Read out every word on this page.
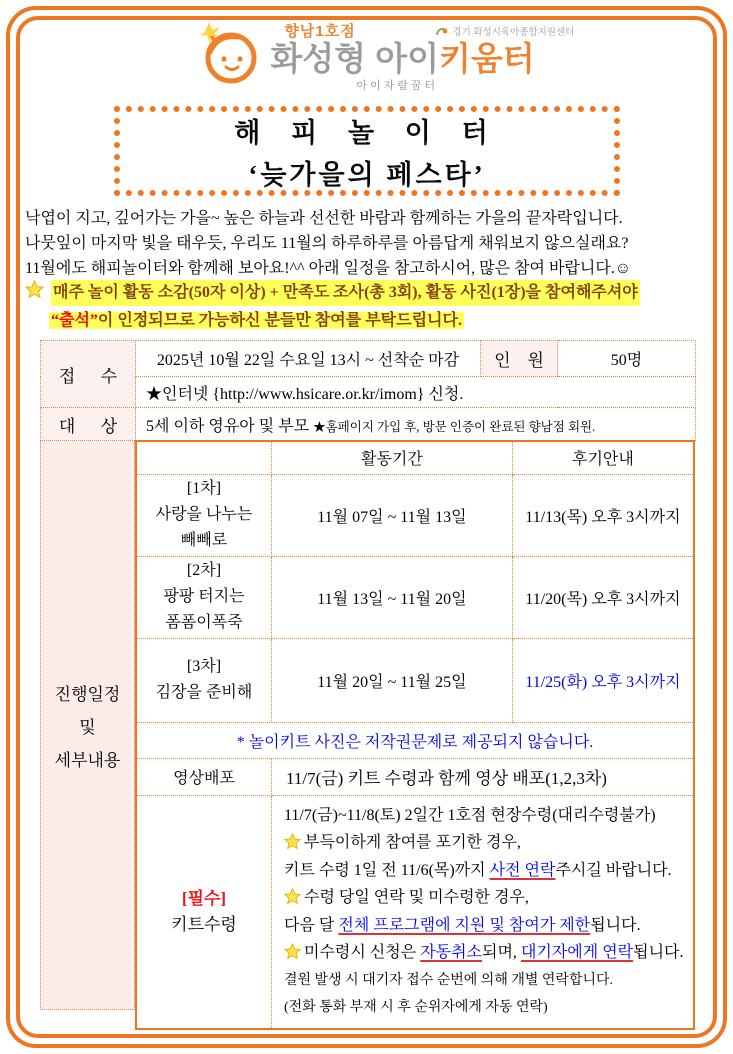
향남1호점
화성형 아이키움터
아이자람꿈터
경기 화성시육아종합지원센터
해 피 놀 이 터
‘늦가을의 페스타’
낙엽이 지고, 깊어가는 가을~ 높은 하늘과 선선한 바람과 함께하는 가을의 끝자락입니다.
나뭇잎이 마지막 빛을 태우듯, 우리도 11월의 하루하루를 아름답게 채워보지 않으실래요?
11월에도 해피놀이터와 함께해 보아요!^^ 아래 일정을 참고하시어, 많은 참여 바랍니다.☺
매주 놀이 활동 소감(50자 이상) + 만족도 조사(총 3회), 활동 사진(1장)을 참여해주셔야
“출석”이 인정되므로 가능하신 분들만 참여를 부탁드립니다.
접      수	2025년 10월 22일 수요일 13시 ~ 선착순 마감	인    원	50명
	★인터넷 {http://www.hsicare.or.kr/imom} 신청.		
대      상	5세 이하 영유아 및 부모 ★홈페이지 가입 후, 방문 인증이 완료된 향남점 회원.		
진행일정
및
세부내용
	활동기간	후기안내

[1차]
사랑을 나누는
빼빼로	11월 07일 ~ 11월 13일	11/13(목) 오후 3시까지

[2차]
팡팡 터지는
폼폼이폭죽	11월 13일 ~ 11월 20일	11/20(목) 오후 3시까지

[3차]
김장을 준비해	11월 20일 ~ 11월 25일	11/25(화) 오후 3시까지
* 놀이키트 사진은 저작권문제로 제공되지 않습니다.		
영상배포	11/7(금) 키트 수령과 함께 영상 배포(1,2,3차)	

[필수]
키트수령

11/7(금)~11/8(토) 2일간 1호점 현장수령(대리수령불가)
부득이하게 참여를 포기한 경우,
키트 수령 1일 전 11/6(목)까지 사전 연락주시길 바랍니다.
수령 당일 연락 및 미수령한 경우,
다음 달 전체 프로그램에 지원 및 참여가 제한됩니다.
미수령시 신청은 자동취소되며, 대기자에게 연락됩니다.
결원 발생 시 대기자 접수 순번에 의해 개별 연락합니다.
(전화 통화 부재 시 후 순위자에게 자동 연락)
